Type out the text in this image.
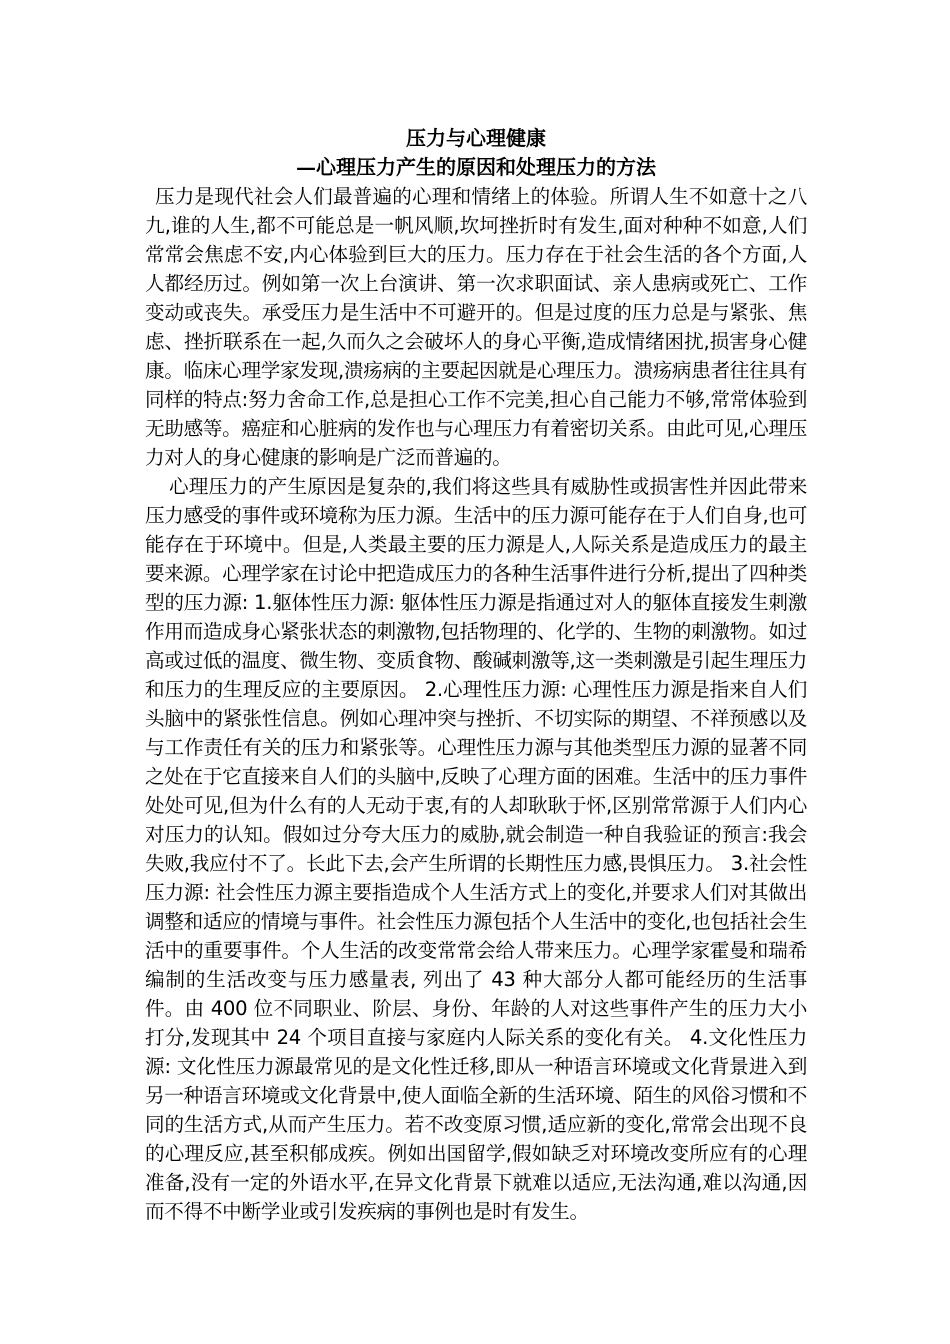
压力与心理健康
—心理压力产生的原因和处理压力的方法

压力是现代社会人们最普遍的心理和情绪上的体验。所谓人生不如意十之八九,谁的人生,都不可能总是一帆风顺,坎坷挫折时有发生,面对种种不如意,人们常常会焦虑不安,内心体验到巨大的压力。压力存在于社会生活的各个方面,人人都经历过。例如第一次上台演讲、第一次求职面试、亲人患病或死亡、工作变动或丧失。承受压力是生活中不可避开的。但是过度的压力总是与紧张、焦虑、挫折联系在一起,久而久之会破坏人的身心平衡,造成情绪困扰,损害身心健康。临床心理学家发现,溃疡病的主要起因就是心理压力。溃疡病患者往往具有同样的特点:努力舍命工作,总是担心工作不完美,担心自己能力不够,常常体验到无助感等。癌症和心脏病的发作也与心理压力有着密切关系。由此可见,心理压力对人的身心健康的影响是广泛而普遍的。

心理压力的产生原因是复杂的,我们将这些具有威胁性或损害性并因此带来压力感受的事件或环境称为压力源。生活中的压力源可能存在于人们自身,也可能存在于环境中。但是,人类最主要的压力源是人,人际关系是造成压力的最主要来源。心理学家在讨论中把造成压力的各种生活事件进行分析,提出了四种类型的压力源: 1.躯体性压力源: 躯体性压力源是指通过对人的躯体直接发生刺激作用而造成身心紧张状态的刺激物,包括物理的、化学的、生物的刺激物。如过高或过低的温度、微生物、变质食物、酸碱刺激等,这一类刺激是引起生理压力和压力的生理反应的主要原因。 2.心理性压力源: 心理性压力源是指来自人们头脑中的紧张性信息。例如心理冲突与挫折、不切实际的期望、不祥预感以及与工作责任有关的压力和紧张等。心理性压力源与其他类型压力源的显著不同之处在于它直接来自人们的头脑中,反映了心理方面的困难。生活中的压力事件处处可见,但为什么有的人无动于衷,有的人却耿耿于怀,区别常常源于人们内心对压力的认知。假如过分夸大压力的威胁,就会制造一种自我验证的预言:我会失败,我应付不了。长此下去,会产生所谓的长期性压力感,畏惧压力。 3.社会性压力源: 社会性压力源主要指造成个人生活方式上的变化,并要求人们对其做出调整和适应的情境与事件。社会性压力源包括个人生活中的变化,也包括社会生活中的重要事件。个人生活的改变常常会给人带来压力。心理学家霍曼和瑞希编制的生活改变与压力感量表, 列出了 43 种大部分人都可能经历的生活事件。由 400 位不同职业、阶层、身份、年龄的人对这些事件产生的压力大小打分,发现其中 24 个项目直接与家庭内人际关系的变化有关。 4.文化性压力源: 文化性压力源最常见的是文化性迁移,即从一种语言环境或文化背景进入到另一种语言环境或文化背景中,使人面临全新的生活环境、陌生的风俗习惯和不同的生活方式,从而产生压力。若不改变原习惯,适应新的变化,常常会出现不良的心理反应,甚至积郁成疾。例如出国留学,假如缺乏对环境改变所应有的心理准备,没有一定的外语水平,在异文化背景下就难以适应,无法沟通,难以沟通,因而不得不中断学业或引发疾病的事例也是时有发生。
